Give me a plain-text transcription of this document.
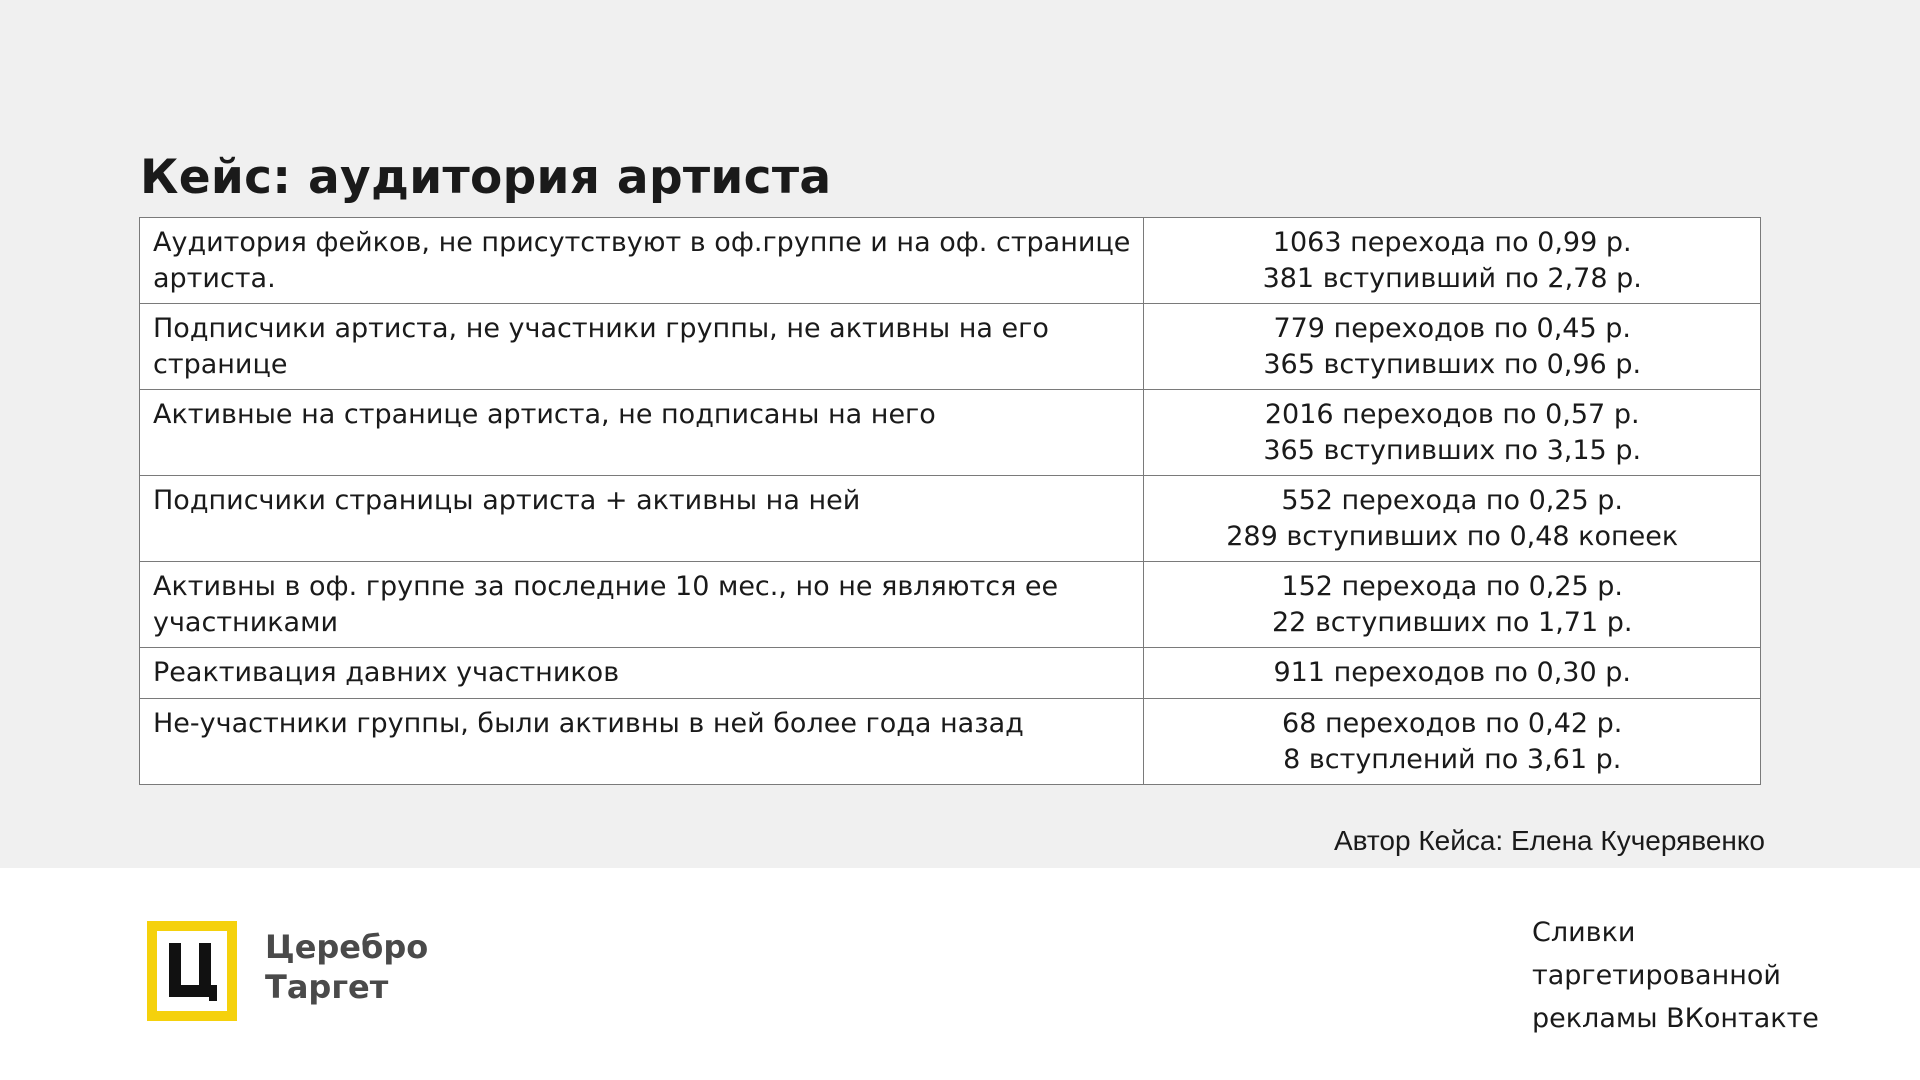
Кейс: аудитория артиста
Аудитория фейков, не присутствуют в оф.группе и на оф. странице
артиста.	1063 перехода по 0,99 р.
381 вступивший по 2,78 р.

Подписчики артиста, не участники группы, не активны на его
странице	779 переходов по 0,45 р.
365 вступивших по 0,96 р.

Активные на странице артиста, не подписаны на него	2016 переходов по 0,57 р.
365 вступивших по 3,15 р.

Подписчики страницы артиста + активны на ней	552 перехода по 0,25 р.
289 вступивших по 0,48 копеек

Активны в оф. группе за последние 10 мес., но не являются ее
участниками	152 перехода по 0,25 р.
22 вступивших по 1,71 р.

Реактивация давних участников	911 переходов по 0,30 р.

Не-участники группы, были активны в ней более года назад	68 переходов по 0,42 р.
8 вступлений по 3,61 р.
Автор Кейса: Елена Кучерявенко
Церебро
Таргет
Сливки
таргетированной
рекламы ВКонтакте
